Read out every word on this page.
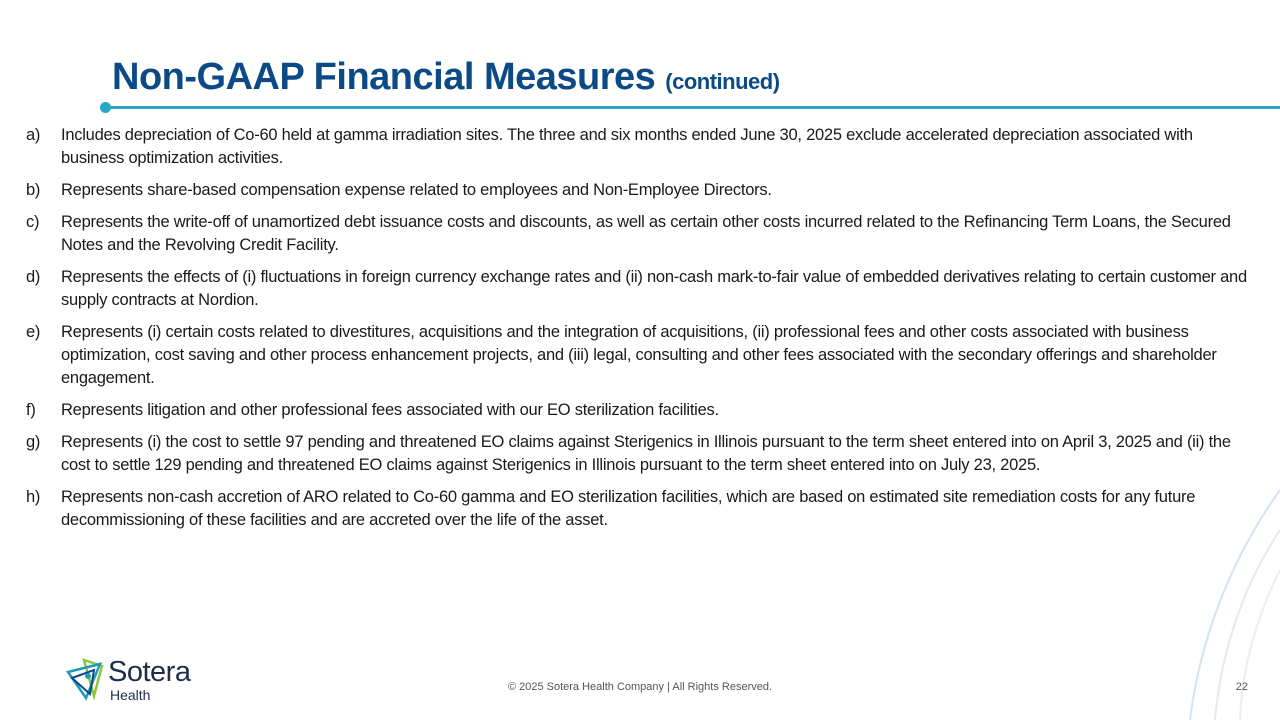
Non-GAAP Financial Measures (continued)
a) Includes depreciation of Co-60 held at gamma irradiation sites. The three and six months ended June 30, 2025 exclude accelerated depreciation associated with business optimization activities.
b) Represents share-based compensation expense related to employees and Non-Employee Directors.
c) Represents the write-off of unamortized debt issuance costs and discounts, as well as certain other costs incurred related to the Refinancing Term Loans, the Secured Notes and the Revolving Credit Facility.
d) Represents the effects of (i) fluctuations in foreign currency exchange rates and (ii) non-cash mark-to-fair value of embedded derivatives relating to certain customer and supply contracts at Nordion.
e) Represents (i) certain costs related to divestitures, acquisitions and the integration of acquisitions, (ii) professional fees and other costs associated with business optimization, cost saving and other process enhancement projects, and (iii) legal, consulting and other fees associated with the secondary offerings and shareholder engagement.
f) Represents litigation and other professional fees associated with our EO sterilization facilities.
g) Represents (i) the cost to settle 97 pending and threatened EO claims against Sterigenics in Illinois pursuant to the term sheet entered into on April 3, 2025 and (ii) the cost to settle 129 pending and threatened EO claims against Sterigenics in Illinois pursuant to the term sheet entered into on July 23, 2025.
h) Represents non-cash accretion of ARO related to Co-60 gamma and EO sterilization facilities, which are based on estimated site remediation costs for any future decommissioning of these facilities and are accreted over the life of the asset.
Sotera
Health	© 2025 Sotera Health Company | All Rights Reserved.	22
